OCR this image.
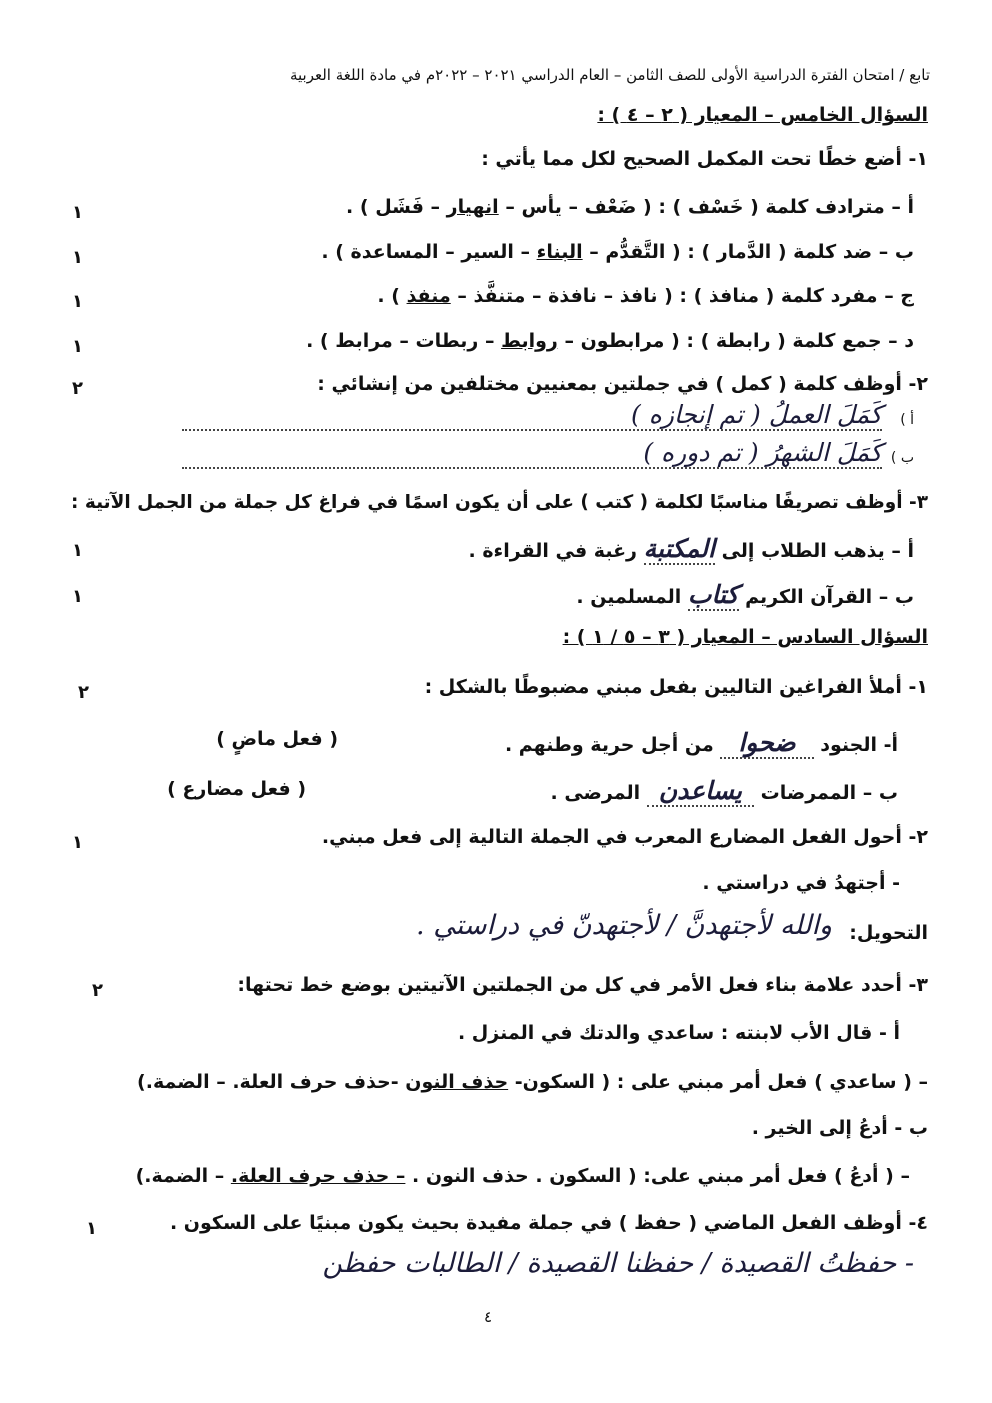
تابع / امتحان الفترة الدراسية الأولى للصف الثامن – العام الدراسي ٢٠٢١ – ٢٠٢٢م في مادة اللغة العربية
السؤال الخامس – المعيار ( ٢ – ٤ ) :
١- أضع خطًا تحت المكمل الصحيح لكل مما يأتي :
أ – مترادف كلمة ( خَسْف ) : ( ضَعْف – يأس – انهيار – فَشَل ) .
١
ب – ضد كلمة ( الدَّمار ) : ( التَّقدُّم – البناء – السير – المساعدة ) .
١
ج – مفرد كلمة ( منافذ ) : ( نافذ – نافذة – متنفَّذ – منفذ ) .
١
د – جمع كلمة ( رابطة ) : ( مرابطون – روابط – ربطات – مرابط ) .
١
٢- أوظف كلمة ( كمل ) في جملتين بمعنيين مختلفين من إنشائي :
٢
أ )
كَمَلَ العملُ ( تم إنجازه )
ب )
كَمَلَ الشهرُ ( تم دوره )
٣- أوظف تصريفًا مناسبًا لكلمة ( كتب ) على أن يكون اسمًا في فراغ كل جملة من الجمل الآتية :
أ – يذهب الطلاب إلى المكتبة رغبة في القراءة .
١
ب – القرآن الكريم كتاب المسلمين .
١
السؤال السادس – المعيار ( ٣ – ٥ / ١ ) :
١- أملأ الفراغين التاليين بفعل مبني مضبوطًا بالشكل :
٢
أ- الجنود ضحوا من أجل حرية وطنهم .
( فعل ماضٍ )
ب – الممرضات يساعدن المرضى .
( فعل مضارع )
٢- أحول الفعل المضارع المعرب في الجملة التالية إلى فعل مبني.
١
- أجتهدُ في دراستي .
التحويل:
والله لأجتهدنَّ / لأجتهدنّ في دراستي .
٣- أحدد علامة بناء فعل الأمر في كل من الجملتين الآتيتين بوضع خط تحتها:
٢
أ - قال الأب لابنته : ساعدي والدتك في المنزل .
– ( ساعدي ) فعل أمر مبني على : ( السكون- حذف النون -حذف حرف العلة. – الضمة.)
ب - أدعُ إلى الخير .
– ( أدعُ ) فعل أمر مبني على: ( السكون . حذف النون . – حذف حرف العلة. – الضمة.)
٤- أوظف الفعل الماضي ( حفظ ) في جملة مفيدة بحيث يكون مبنيًا على السكون .
١
- حفظتُ القصيدة / حفظنا القصيدة / الطالبات حفظن
٤
